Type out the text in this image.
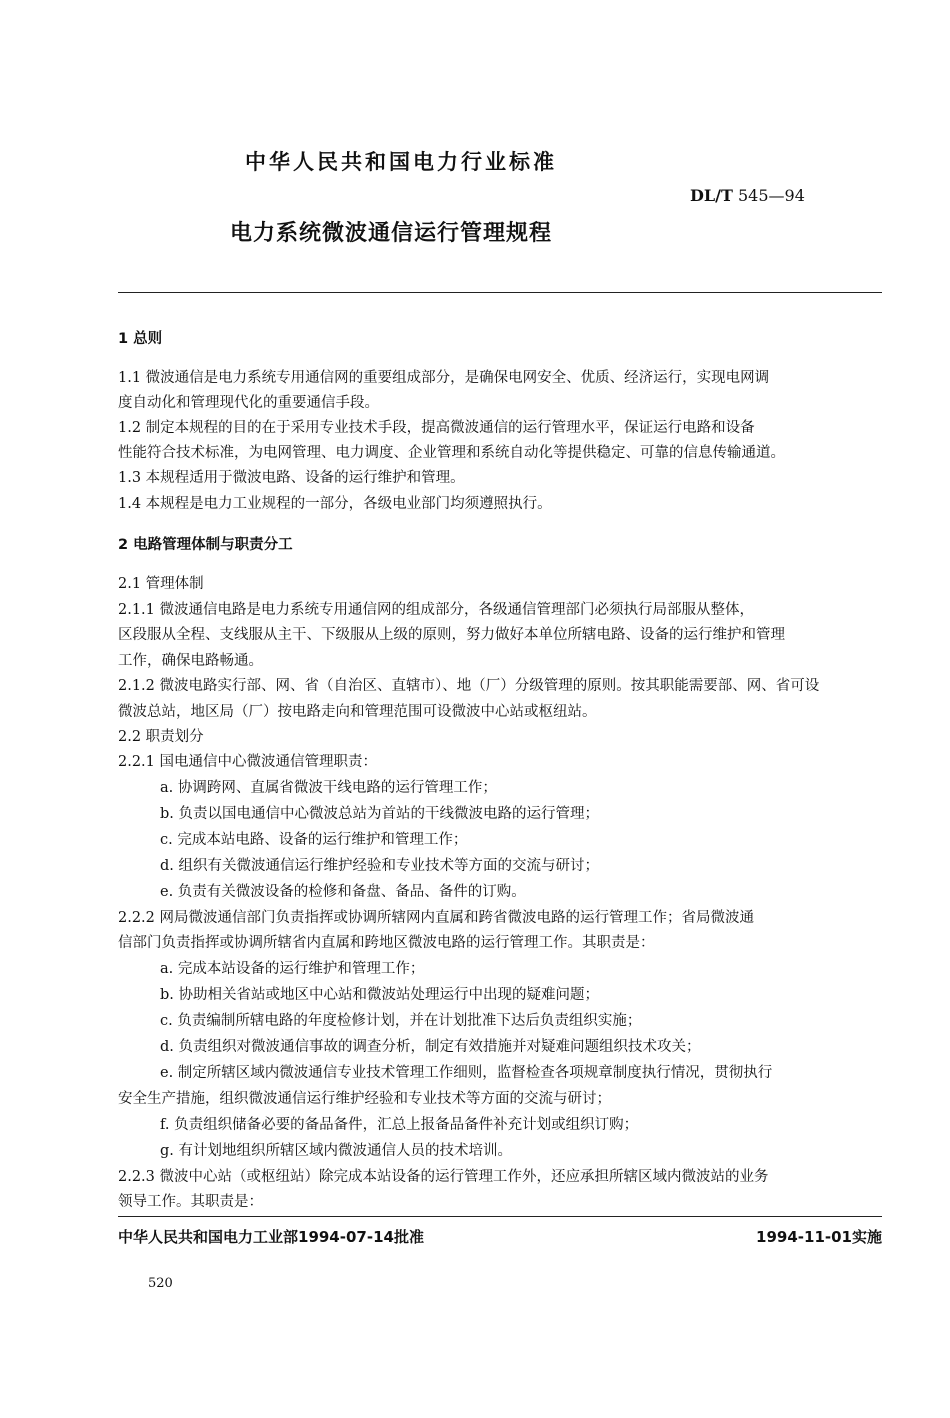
中华人民共和国电力行业标准
DL/T 545—94
电力系统微波通信运行管理规程
1 总则
1.1 微波通信是电力系统专用通信网的重要组成部分，是确保电网安全、优质、经济运行，实现电网调
度自动化和管理现代化的重要通信手段。
1.2 制定本规程的目的在于采用专业技术手段，提高微波通信的运行管理水平，保证运行电路和设备
性能符合技术标准，为电网管理、电力调度、企业管理和系统自动化等提供稳定、可靠的信息传输通道。
1.3 本规程适用于微波电路、设备的运行维护和管理。
1.4 本规程是电力工业规程的一部分，各级电业部门均须遵照执行。
2 电路管理体制与职责分工
2.1 管理体制
2.1.1 微波通信电路是电力系统专用通信网的组成部分，各级通信管理部门必须执行局部服从整体，
区段服从全程、支线服从主干、下级服从上级的原则，努力做好本单位所辖电路、设备的运行维护和管理
工作，确保电路畅通。
2.1.2 微波电路实行部、网、省（自治区、直辖市）、地（厂）分级管理的原则。按其职能需要部、网、省可设
微波总站，地区局（厂）按电路走向和管理范围可设微波中心站或枢纽站。
2.2 职责划分
2.2.1 国电通信中心微波通信管理职责：
a. 协调跨网、直属省微波干线电路的运行管理工作；
b. 负责以国电通信中心微波总站为首站的干线微波电路的运行管理；
c. 完成本站电路、设备的运行维护和管理工作；
d. 组织有关微波通信运行维护经验和专业技术等方面的交流与研讨；
e. 负责有关微波设备的检修和备盘、备品、备件的订购。
2.2.2 网局微波通信部门负责指挥或协调所辖网内直属和跨省微波电路的运行管理工作；省局微波通
信部门负责指挥或协调所辖省内直属和跨地区微波电路的运行管理工作。其职责是：
a. 完成本站设备的运行维护和管理工作；
b. 协助相关省站或地区中心站和微波站处理运行中出现的疑难问题；
c. 负责编制所辖电路的年度检修计划，并在计划批准下达后负责组织实施；
d. 负责组织对微波通信事故的调查分析，制定有效措施并对疑难问题组织技术攻关；
e. 制定所辖区域内微波通信专业技术管理工作细则，监督检查各项规章制度执行情况，贯彻执行
安全生产措施，组织微波通信运行维护经验和专业技术等方面的交流与研讨；
f. 负责组织储备必要的备品备件，汇总上报备品备件补充计划或组织订购；
g. 有计划地组织所辖区域内微波通信人员的技术培训。
2.2.3 微波中心站（或枢纽站）除完成本站设备的运行管理工作外，还应承担所辖区域内微波站的业务
领导工作。其职责是：
中华人民共和国电力工业部1994-07-14批准	1994-11-01实施
520
